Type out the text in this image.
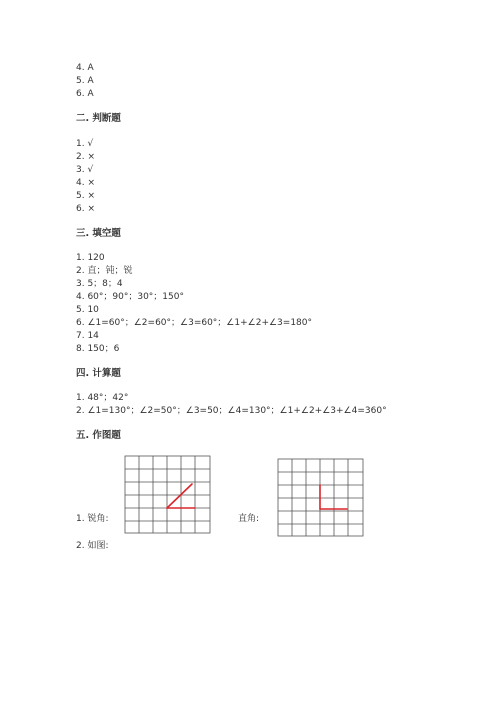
4. A
5. A
6. A
二. 判断题
1. √
2. ×
3. √
4. ×
5. ×
6. ×
三. 填空题
1. 120
2. 直；钝；锐
3. 5；8；4
4. 60°；90°；30°；150°
5. 10
6. ∠1=60°；∠2=60°；∠3=60°；∠1+∠2+∠3=180°
7. 14
8. 150；6
四. 计算题
1. 48°；42°
2. ∠1=130°；∠2=50°；∠3=50；∠4=130°；∠1+∠2+∠3+∠4=360°
五. 作图题
1. 锐角:	直角:
2. 如图:
